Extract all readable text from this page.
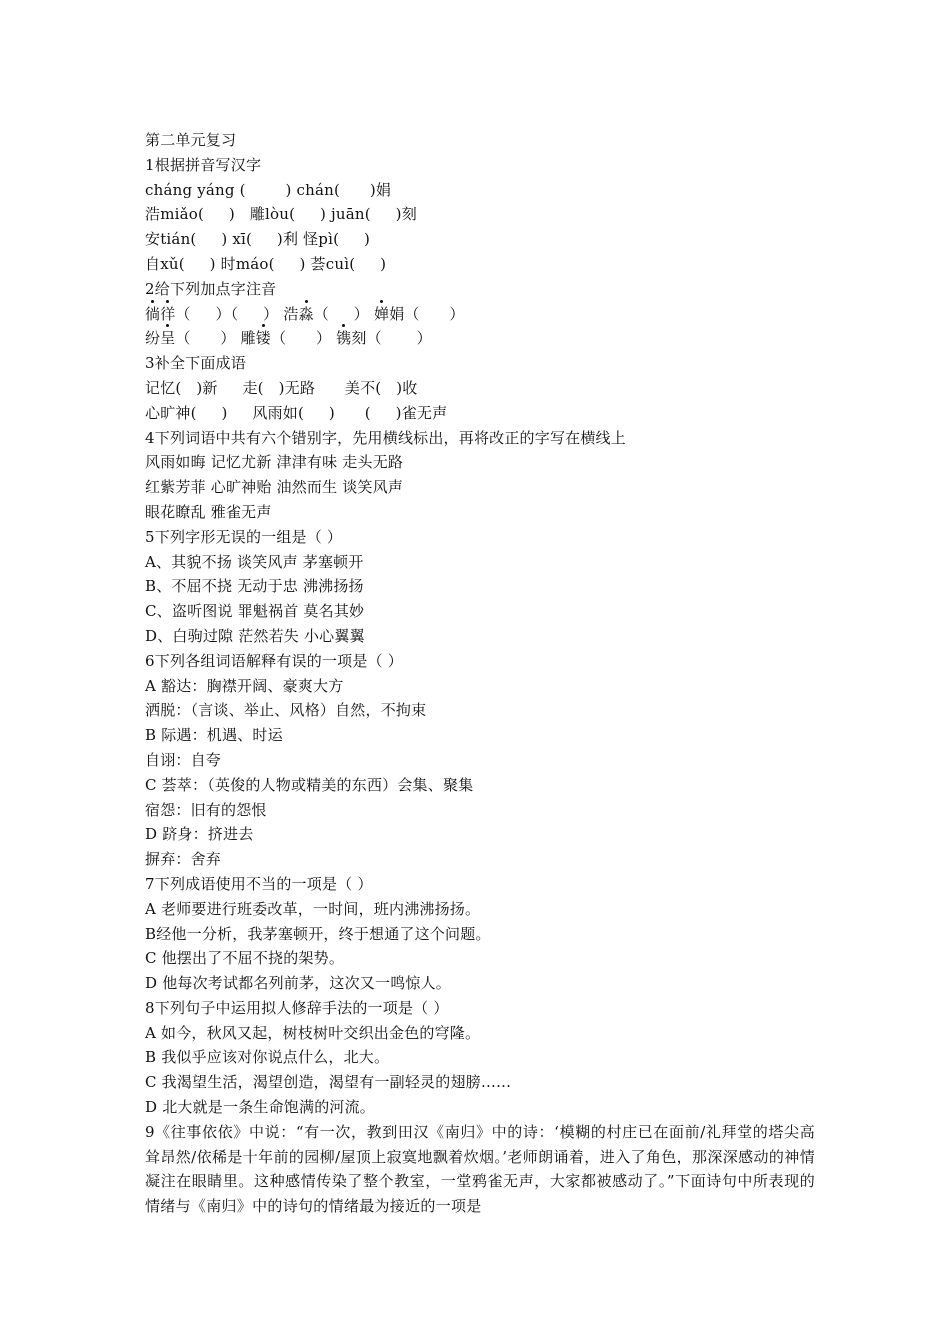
第二单元复习
1根据拼音写汉字
cháng yáng (        ) chán(      )娟
浩miǎo(     )   雕lòu(     ) juān(     )刻
安tián(     ) xī(     )利 怪pì(     )
自xǔ(     ) 时máo(     ) 荟cuì(     )
2给下列加点字注音
徜徉（     ）（     ） 浩淼（     ） 婵娟（      ）
纷呈（      ） 雕镂（      ） 镌刻（       ）
3补全下面成语
记忆(   )新     走(   )无路      美不(   )收
心旷神(     )     风雨如(     )      (     )雀无声
4下列词语中共有六个错别字，先用横线标出，再将改正的字写在横线上
风雨如晦 记忆尤新 津津有味 走头无路
红紫芳菲 心旷神贻 油然而生 谈笑风声
眼花瞭乱 雅雀无声
5下列字形无误的一组是（ ）
A、其貌不扬 谈笑风声 茅塞顿开
B、不屈不挠 无动于忠 沸沸扬扬
C、盗听图说 罪魁祸首 莫名其妙
D、白驹过隙 茫然若失 小心翼翼
6下列各组词语解释有误的一项是（ ）
A 豁达：胸襟开阔、豪爽大方
洒脱：（言谈、举止、风格）自然，不拘束
B 际遇：机遇、时运
自诩：自夸
C 荟萃：（英俊的人物或精美的东西）会集、聚集
宿怨：旧有的怨恨
D 跻身：挤进去
摒弃：舍弃
7下列成语使用不当的一项是（ ）
A 老师要进行班委改革，一时间，班内沸沸扬扬。
B经他一分析，我茅塞顿开，终于想通了这个问题。
C 他摆出了不屈不挠的架势。
D 他每次考试都名列前茅，这次又一鸣惊人。
8下列句子中运用拟人修辞手法的一项是（ ）
A 如今，秋风又起，树枝树叶交织出金色的穹隆。
B 我似乎应该对你说点什么，北大。
C 我渴望生活，渴望创造，渴望有一副轻灵的翅膀……
D 北大就是一条生命饱满的河流。
9《往事依依》中说：“有一次，教到田汉《南归》中的诗：‘模糊的村庄已在面前/礼拜堂的塔尖高耸昂然/依稀是十年前的园柳/屋顶上寂寞地飘着炊烟。’老师朗诵着，进入了角色，那深深感动的神情凝注在眼睛里。这种感情传染了整个教室，一堂鸦雀无声，大家都被感动了。”下面诗句中所表现的情绪与《南归》中的诗句的情绪最为接近的一项是
